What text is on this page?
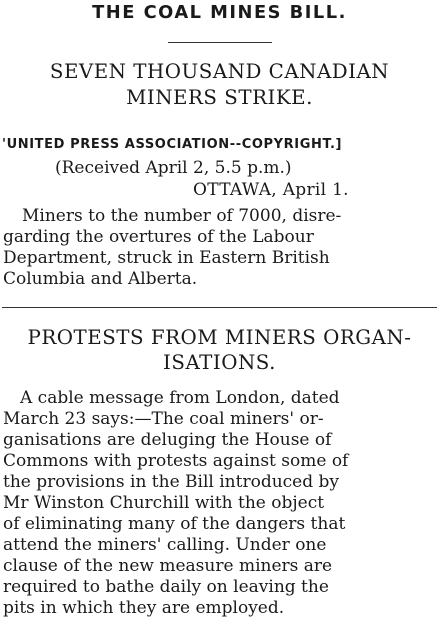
THE COAL MINES BILL.
SEVEN THOUSAND CANADIAN
MINERS STRIKE.
'UNITED PRESS ASSOCIATION--COPYRIGHT.]
(Received April 2, 5.5 p.m.)
OTTAWA, April 1.
Miners to the number of 7000, disre-
garding the overtures of the Labour
Department, struck in Eastern British
Columbia and Alberta.
PROTESTS FROM MINERS ORGAN-
ISATIONS.
A cable message from London, dated
March 23 says:—The coal miners' or-
ganisations are deluging the House of
Commons with protests against some of
the provisions in the Bill introduced by
Mr Winston Churchill with the object
of eliminating many of the dangers that
attend the miners' calling. Under one
clause of the new measure miners are
required to bathe daily on leaving the
pits in which they are employed.
